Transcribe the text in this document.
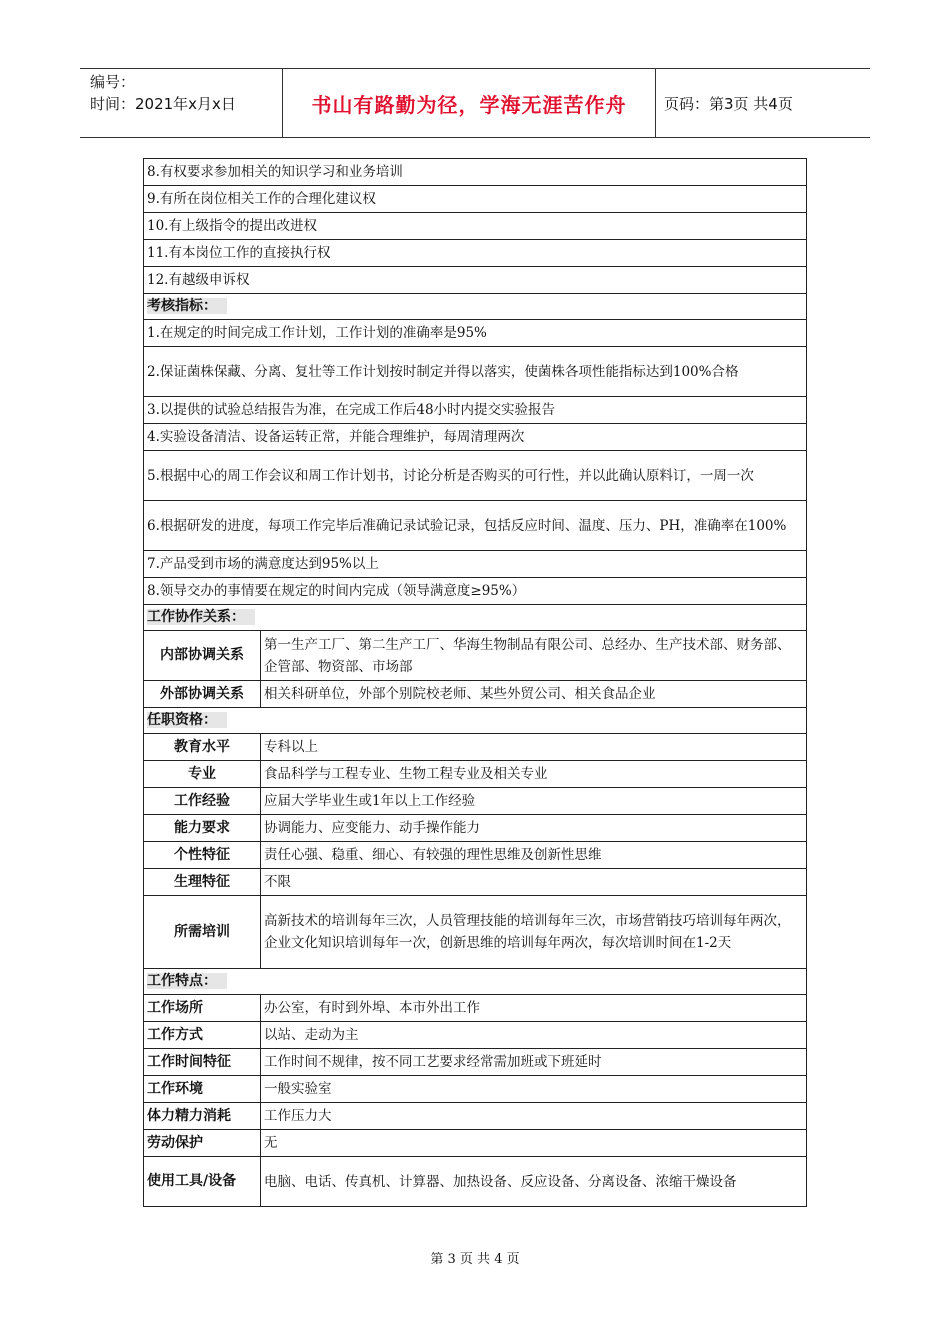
编号：
时间：2021年x月x日	书山有路勤为径，学海无涯苦作舟	页码：第3页 共4页
8.有权要求参加相关的知识学习和业务培训	
9.有所在岗位相关工作的合理化建议权	
10.有上级指令的提出改进权	
11.有本岗位工作的直接执行权	
12.有越级申诉权	
考核指标：	
1.在规定的时间完成工作计划，工作计划的准确率是95%	
2.保证菌株保藏、分离、复壮等工作计划按时制定并得以落实，使菌株各项性能指标达到100%合格	
3.以提供的试验总结报告为准，在完成工作后48小时内提交实验报告	
4.实验设备清洁、设备运转正常，并能合理维护，每周清理两次	
5.根据中心的周工作会议和周工作计划书，讨论分析是否购买的可行性，并以此确认原料订，一周一次	
6.根据研发的进度，每项工作完毕后准确记录试验记录，包括反应时间、温度、压力、PH，准确率在100%	
7.产品受到市场的满意度达到95%以上	
8.领导交办的事情要在规定的时间内完成（领导满意度≥95%）	
工作协作关系：	
内部协调关系	第一生产工厂、第二生产工厂、华海生物制品有限公司、总经办、生产技术部、财务部、企管部、物资部、市场部
外部协调关系	相关科研单位，外部个别院校老师、某些外贸公司、相关食品企业
任职资格：	
教育水平	专科以上
专业	食品科学与工程专业、生物工程专业及相关专业
工作经验	应届大学毕业生或1年以上工作经验
能力要求	协调能力、应变能力、动手操作能力
个性特征	责任心强、稳重、细心、有较强的理性思维及创新性思维
生理特征	不限
所需培训	高新技术的培训每年三次，人员管理技能的培训每年三次，市场营销技巧培训每年两次，企业文化知识培训每年一次，创新思维的培训每年两次，每次培训时间在1-2天
工作特点：	
工作场所	办公室，有时到外埠、本市外出工作
工作方式	以站、走动为主
工作时间特征	工作时间不规律，按不同工艺要求经常需加班或下班延时
工作环境	一般实验室
体力精力消耗	工作压力大
劳动保护	无
使用工具/设备	电脑、电话、传真机、计算器、加热设备、反应设备、分离设备、浓缩干燥设备
第 3 页 共 4 页
